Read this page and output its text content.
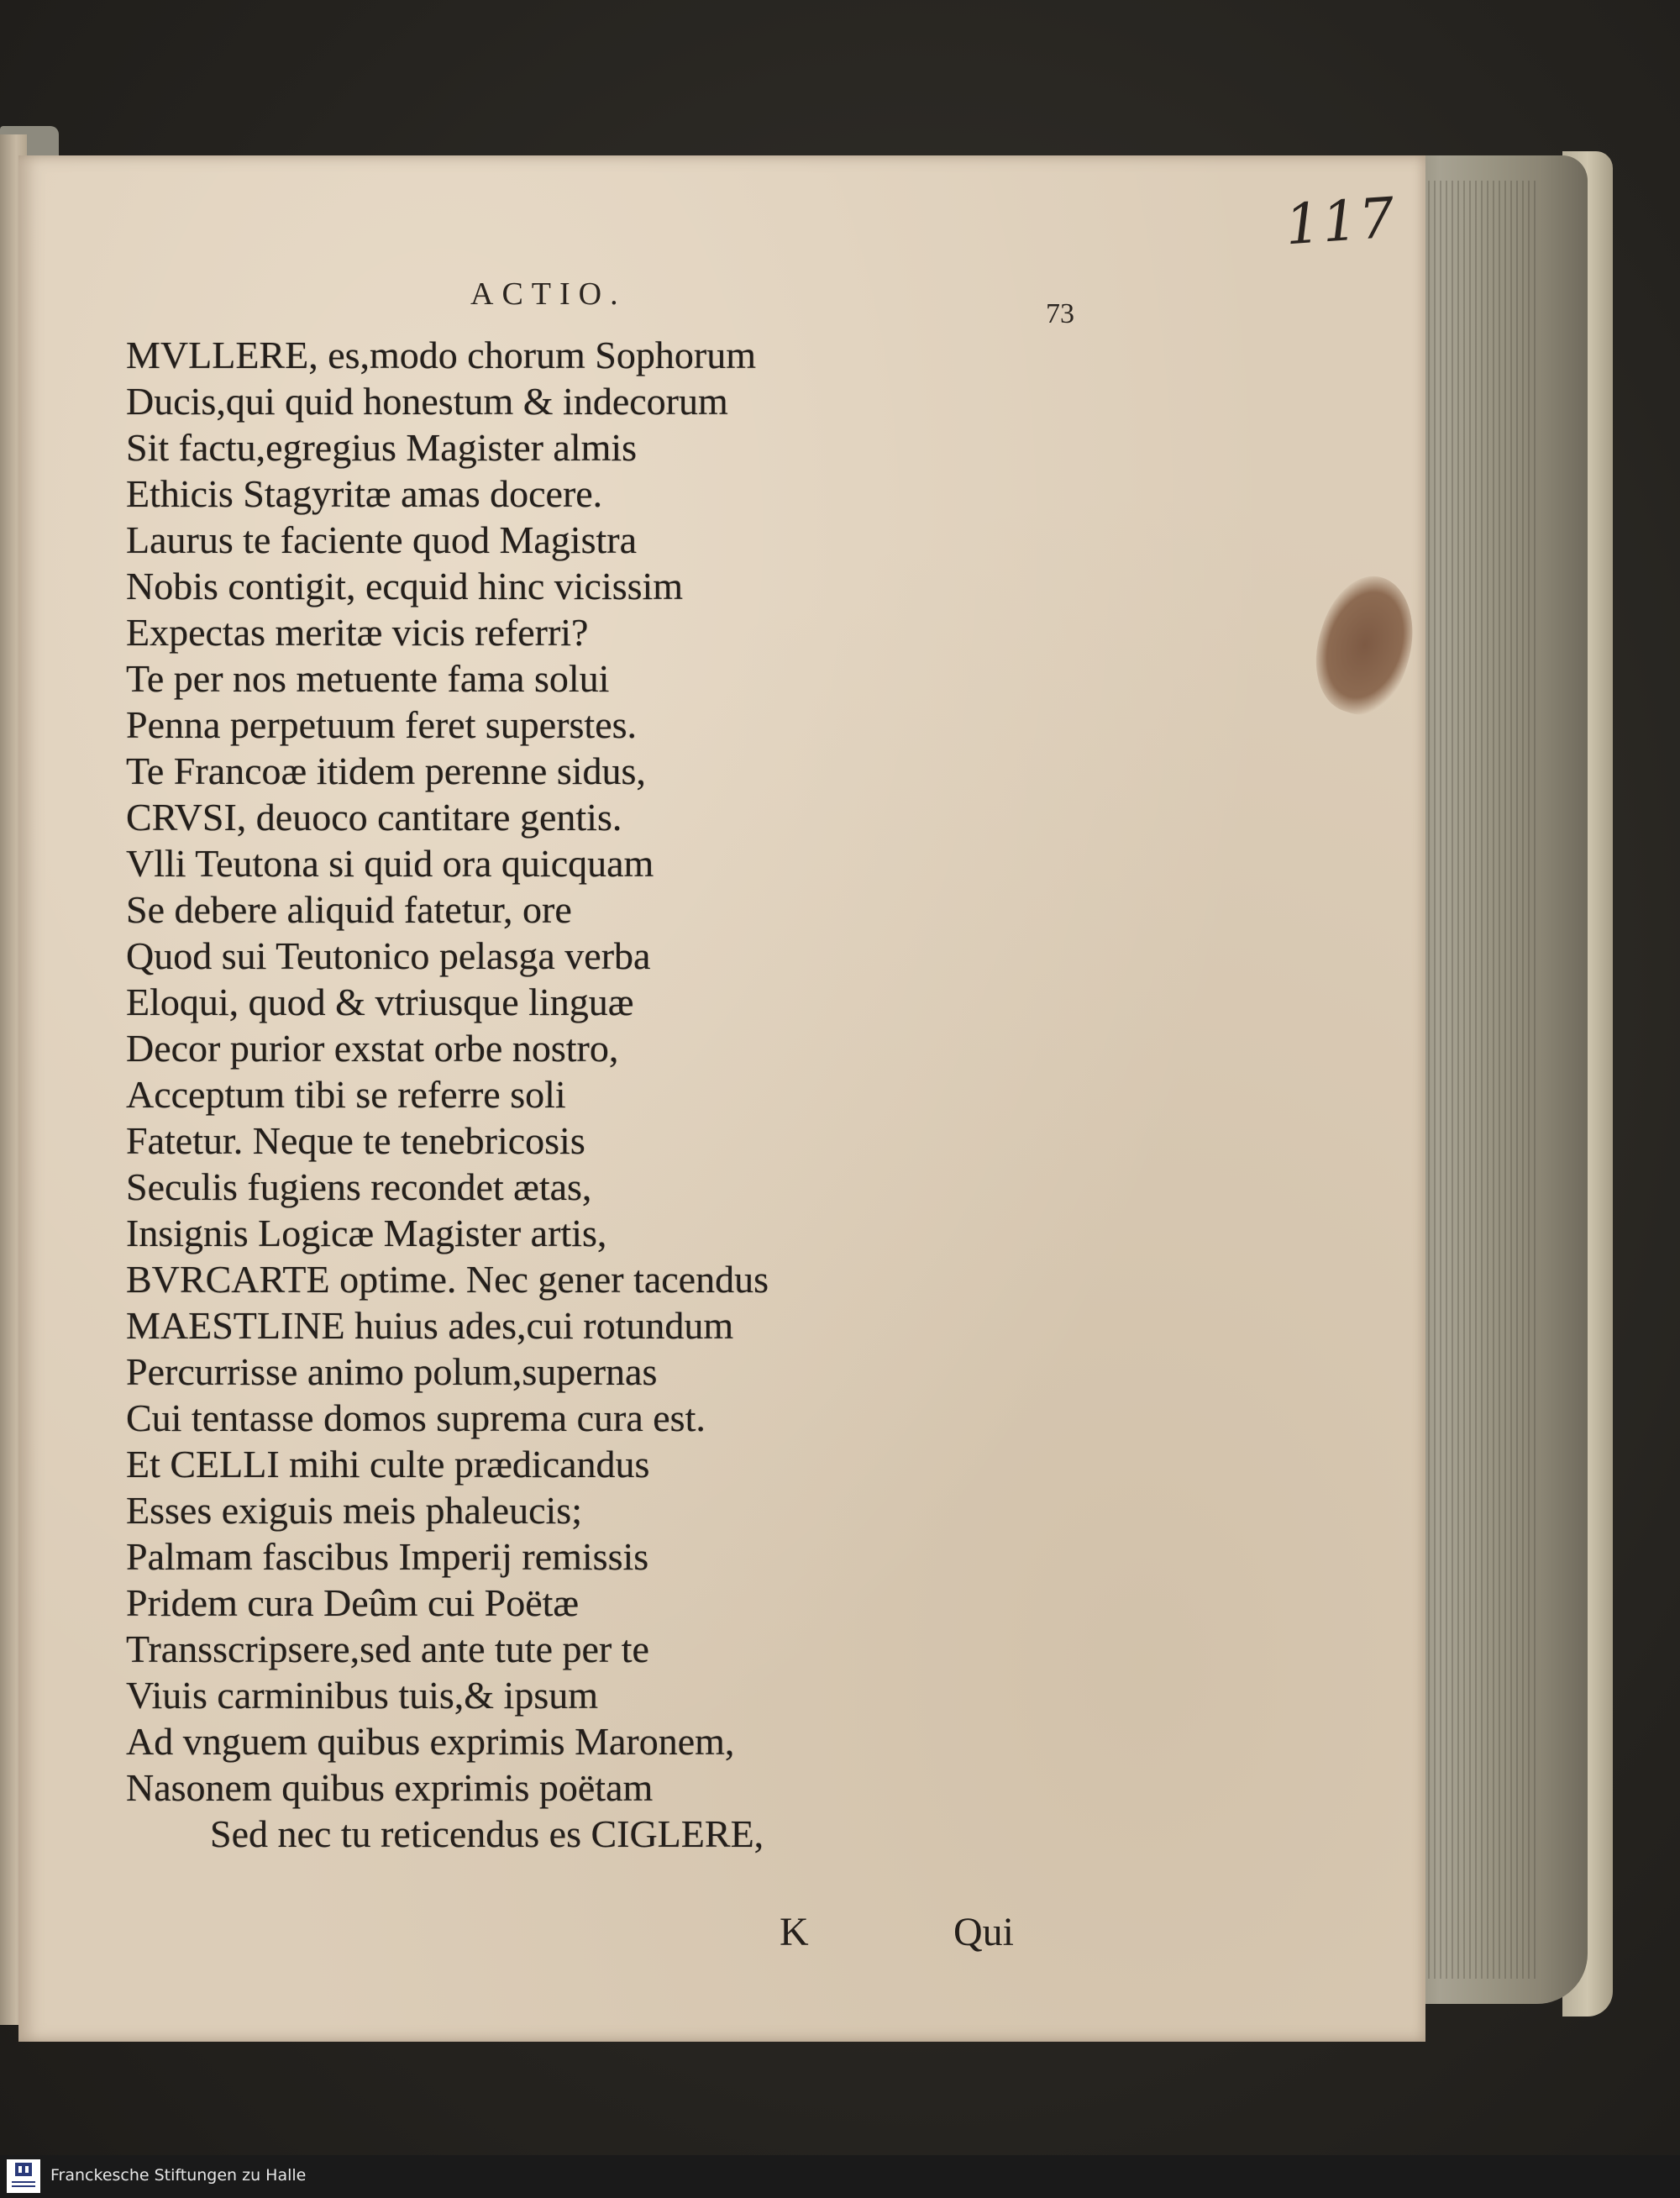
117
ACTIO.
73
MVLLERE, es,modo chorum Sophorum
Ducis,qui quid honestum & indecorum
Sit factu,egregius Magister almis
Ethicis Stagyritæ amas docere.
Laurus te faciente quod Magistra
Nobis contigit, ecquid hinc vicissim
Expectas meritæ vicis referri?
Te per nos metuente fama solui
Penna perpetuum feret superstes.
Te Francoæ itidem perenne sidus,
CRVSI, deuoco cantitare gentis.
Vlli Teutona si quid ora quicquam
Se debere aliquid fatetur, ore
Quod sui Teutonico pelasga verba
Eloqui, quod & vtriusque linguæ
Decor purior exstat orbe nostro,
Acceptum tibi se referre soli
Fatetur. Neque te tenebricosis
Seculis fugiens recondet ætas,
Insignis Logicæ Magister artis,
BVRCARTE optime. Nec gener tacendus
MAESTLINE huius ades,cui rotundum
Percurrisse animo polum,supernas
Cui tentasse domos suprema cura est.
Et CELLI mihi culte prædicandus
Esses exiguis meis phaleucis;
Palmam fascibus Imperij remissis
Pridem cura Deûm cui Poëtæ
Transscripsere,sed ante tute per te
Viuis carminibus tuis,& ipsum
Ad vnguem quibus exprimis Maronem,
Nasonem quibus exprimis poëtam
Sed nec tu reticendus es CIGLERE,
K	Qui
Franckesche Stiftungen zu Halle
